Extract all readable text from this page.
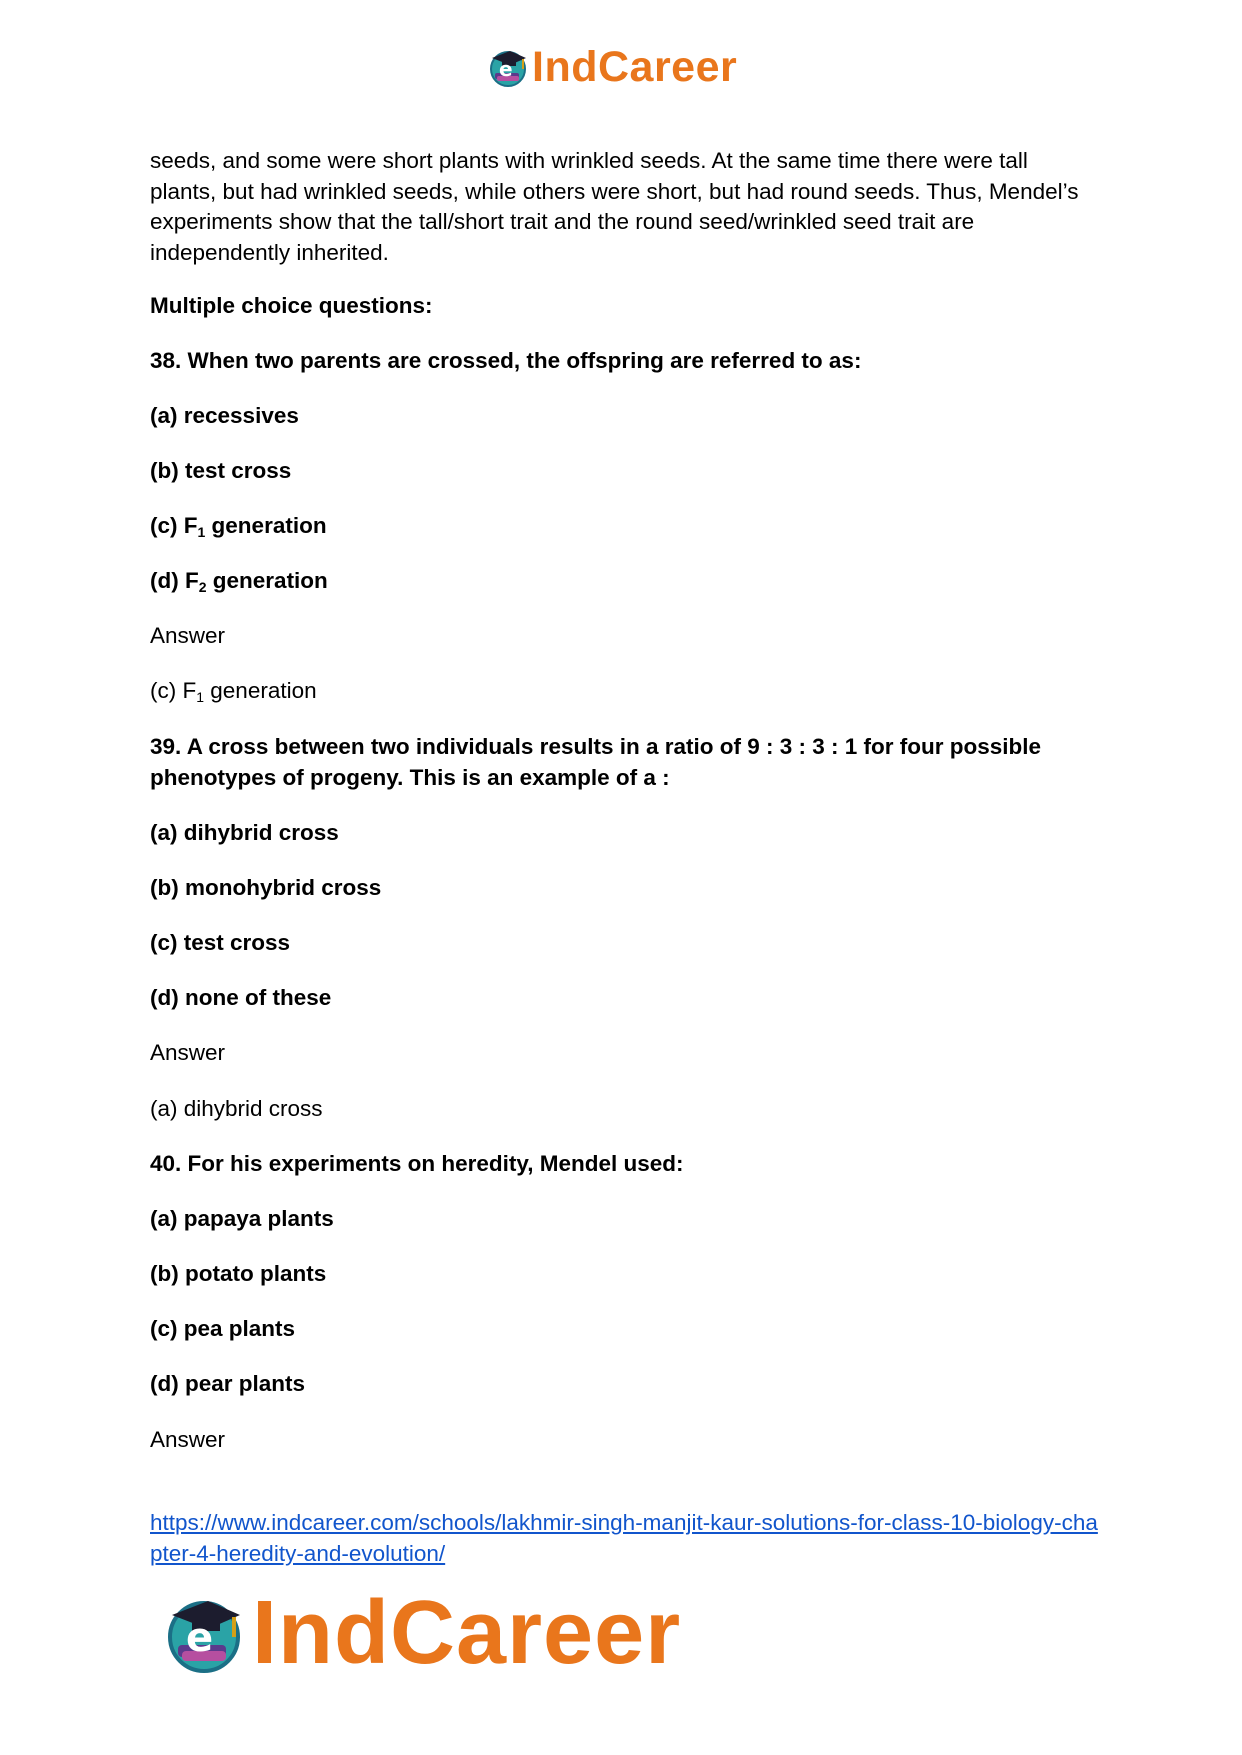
e IndCareer

seeds, and some were short plants with wrinkled seeds. At the same time there were tall plants, but had wrinkled seeds, while others were short, but had round seeds. Thus, Mendel’s experiments show that the tall/short trait and the round seed/wrinkled seed trait are independently inherited.

Multiple choice questions:

38. When two parents are crossed, the offspring are referred to as:

(a) recessives

(b) test cross

(c) $F_1$ generation

(d) $F_2$ generation

Answer

(c) $F_1$ generation

39. A cross between two individuals results in a ratio of 9 : 3 : 3 : 1 for four possible phenotypes of progeny. This is an example of a :

(a) dihybrid cross

(b) monohybrid cross

(c) test cross

(d) none of these

Answer

(a) dihybrid cross

40. For his experiments on heredity, Mendel used:

(a) papaya plants

(b) potato plants

(c) pea plants

(d) pear plants

Answer

https://www.indcareer.com/schools/lakhmir-singh-manjit-kaur-solutions-for-class-10-biology-chapter-4-heredity-and-evolution/
e IndCareer
